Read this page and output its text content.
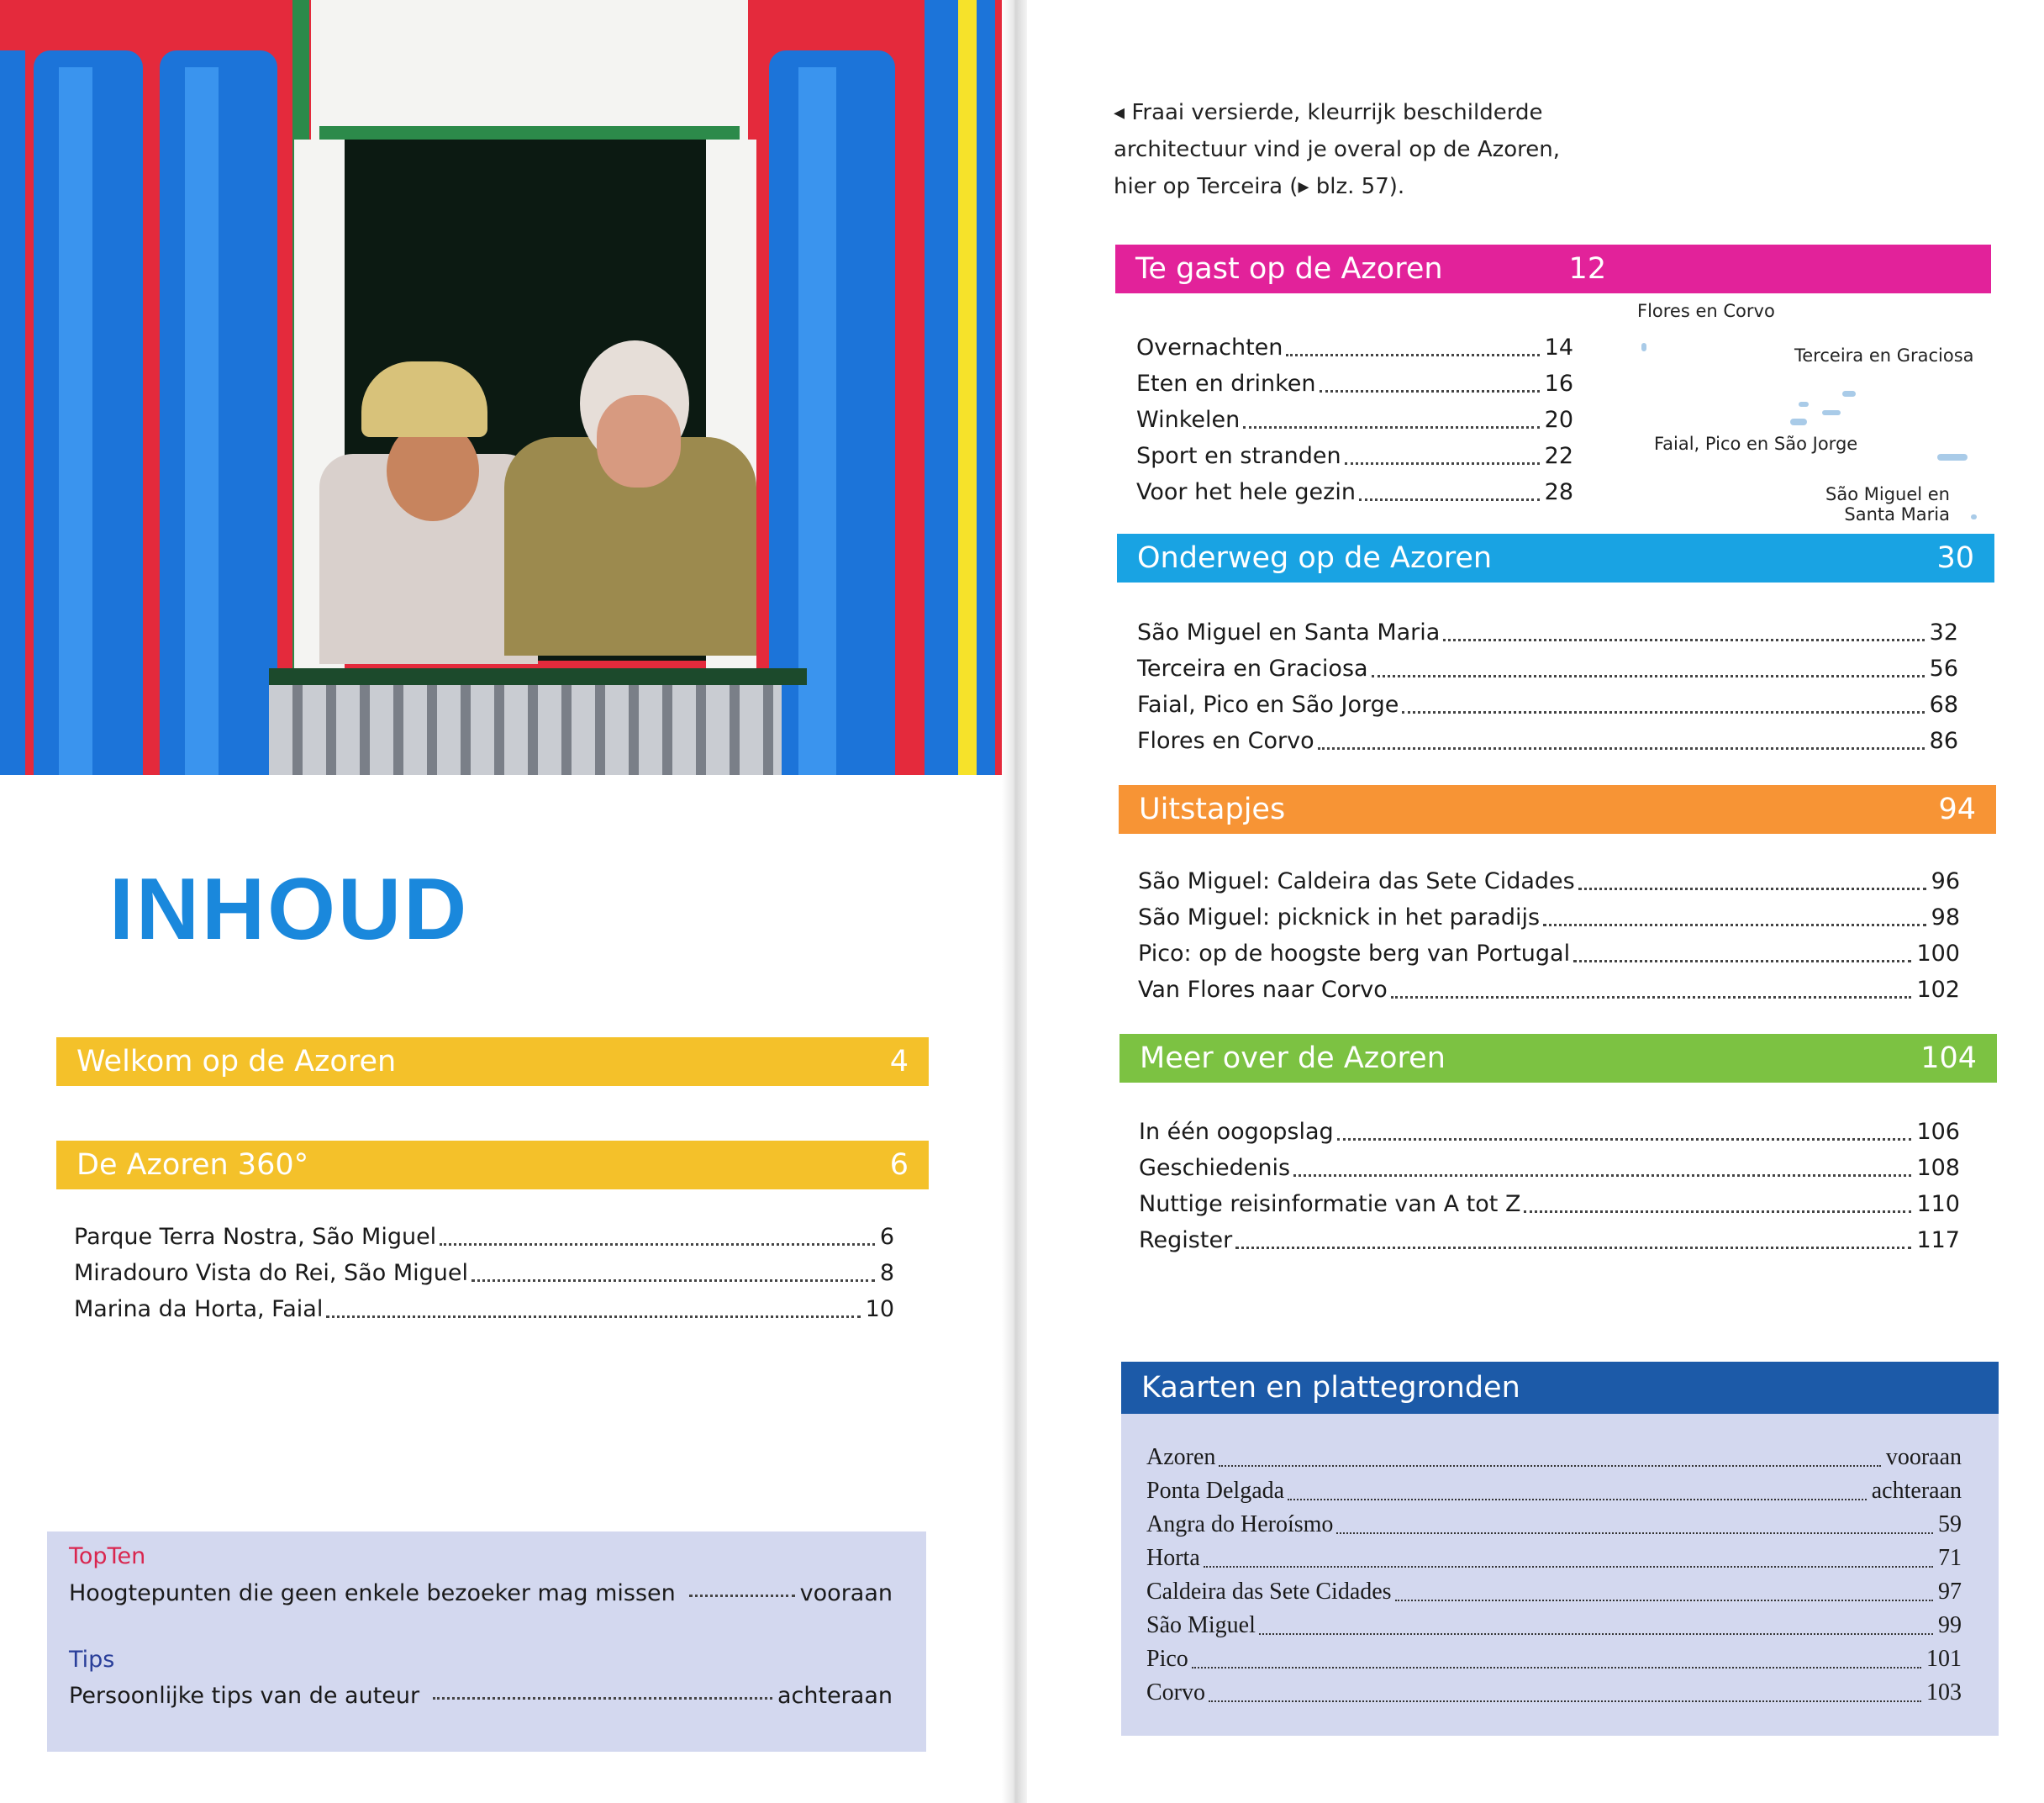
INHOUD
Welkom op de Azoren	4
De Azoren 360°	6
Parque Terra Nostra, São Miguel	6
Miradouro Vista do Rei, São Miguel	8
Marina da Horta, Faial	10
TopTen
Hoogtepunten die geen enkele bezoeker mag missen	vooraan
Tips
Persoonlijke tips van de auteur	achteraan
◂ Fraai versierde, kleurrijk beschilderde
architectuur vind je overal op de Azoren,
hier op Terceira (▸ blz. 57).
Te gast op de Azoren	12
Overnachten	14
Eten en drinken	16
Winkelen	20
Sport en stranden	22
Voor het hele gezin	28
Flores en Corvo
Terceira en Graciosa
Faial, Pico en São Jorge
São Miguel en
Santa Maria
Onderweg op de Azoren	30
São Miguel en Santa Maria	32
Terceira en Graciosa	56
Faial, Pico en São Jorge	68
Flores en Corvo	86
Uitstapjes	94
São Miguel: Caldeira das Sete Cidades	96
São Miguel: picknick in het paradijs	98
Pico: op de hoogste berg van Portugal	100
Van Flores naar Corvo	102
Meer over de Azoren	104
In één oogopslag	106
Geschiedenis	108
Nuttige reisinformatie van A tot Z	110
Register	117
Kaarten en plattegronden
Azoren	vooraan
Ponta Delgada	achteraan
Angra do Heroísmo	59
Horta	71
Caldeira das Sete Cidades	97
São Miguel	99
Pico	101
Corvo	103
